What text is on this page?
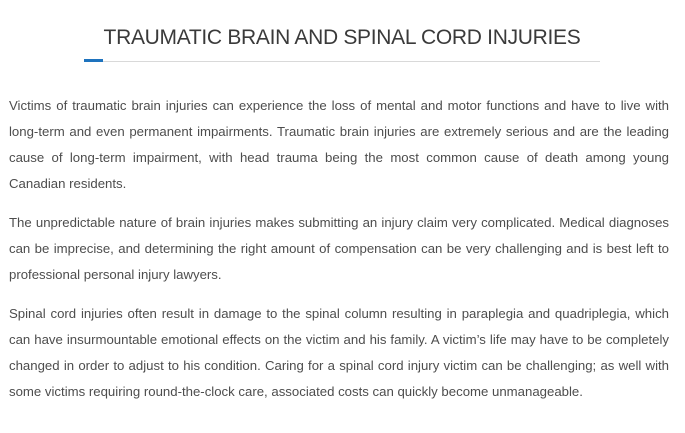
TRAUMATIC BRAIN AND SPINAL CORD INJURIES

Victims of traumatic brain injuries can experience the loss of mental and motor functions and have to live with long-term and even permanent impairments. Traumatic brain injuries are extremely serious and are the leading cause of long-term impairment, with head trauma being the most common cause of death among young Canadian residents.

The unpredictable nature of brain injuries makes submitting an injury claim very complicated. Medical diagnoses can be imprecise, and determining the right amount of compensation can be very challenging and is best left to professional personal injury lawyers.

Spinal cord injuries often result in damage to the spinal column resulting in paraplegia and quadriplegia, which can have insurmountable emotional effects on the victim and his family. A victim’s life may have to be completely changed in order to adjust to his condition. Caring for a spinal cord injury victim can be challenging; as well with some victims requiring round-the-clock care, associated costs can quickly become unmanageable.
